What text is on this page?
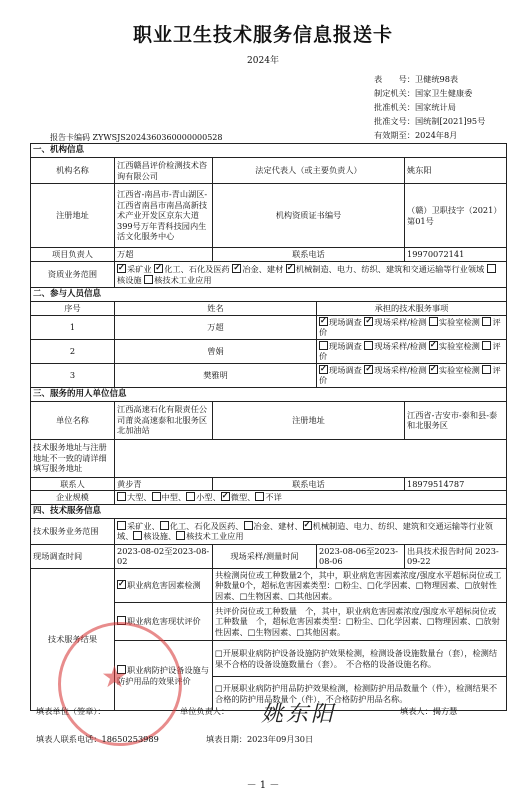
职业卫生技术服务信息报送卡
2024年
表　　号：卫健统98表
制定机关：国家卫生健康委
批准机关：国家统计局
批准文号：国统制[2021]95号
有效期至：2024年8月
报告卡编码 ZYWSJS2024360360000000528
一、机构信息				
机构名称	江西赣昌评价检测技术咨询有限公司	法定代表人（或主要负责人）		姚东阳
注册地址	江西省-南昌市-青山湖区-江西省南昌市南昌高新技术产业开发区京东大道399号万年青科技园内生活文化服务中心	机构资质证书编号		（赣）卫职技字（2021）第01号
项目负责人	万超	联系电话		19970072141
资质业务范围	✓采矿业 ✓ 化工、石化及医药 ✓ 冶金、建材 ✓ 机械制造、电力、纺织、建筑和交通运输等行业领域 核设施 核技术工业应用
二、参与人员信息				
序号	姓名		承担的技术服务事项	
1	万超	✓现场调查 ✓ 现场采样/检测 实验室检测 评价
2	曾娟		现场调查 现场采样/检测 ✓ 实验室检测 评价
3	樊雅明	✓现场调查 ✓ 现场采样/检测 ✓ 实验室检测 评价
三、服务的用人单位信息				
单位名称	江西高速石化有限责任公司莆炎高速泰和北服务区北加油站	注册地址		江西省-吉安市-泰和县-泰和北服务区
技术服务地址与注册地址不一致的请详细填写服务地址				
联系人	黄步青	联系电话		18979514787
企业规模	大型、 中型、 小型、 ✓ 微型、 不详
四、技术服务信息				
技术服务业务范围	采矿业、 化工、石化及医药、 冶金、建材、 ✓ 机械制造、电力、纺织、建筑和交通运输等行业领域、 核设施、 核技术工业应用
现场调查时间	2023-08-02至2023-08-02	现场采样/测量时间	2023-08-06至2023-08-06	出具技术报告时间 2023-09-22
技术服务结果	✓职业病危害因素检测	共检测岗位或工种数量2个，其中，职业病危害因素浓度/强度水平超标岗位或工种数量0个，超标危害因素类型：□粉尘、□化学因素、□物理因素、□放射性因素、□生物因素、□其他因素。		
	职业病危害现状评价	共评价岗位或工种数量　个，其中，职业病危害因素浓度/强度水平超标岗位或工种数量　个，超标危害因素类型：□粉尘、□化学因素、□物理因素、□放射性因素、□生物因素、□其他因素。		
	职业病防护设备设施与防护用品的效果评价	□开展职业病防护设备设施防护效果检测，检测设备设施数量台（套），检测结果不合格的设备设施数量台（套）。　不合格的设备设施名称。		
		□开展职业病防护用品防护效果检测，检测防护用品数量个（件），检测结果不合格的防护用品数量个（件），不合格防护用品名称。		
★
填表单位（签章）：	单位负责人： 姚东阳	填表人：揭方慧
填表人联系电话：18650253989	填表日期：2023年09月30日
－ 1 －
